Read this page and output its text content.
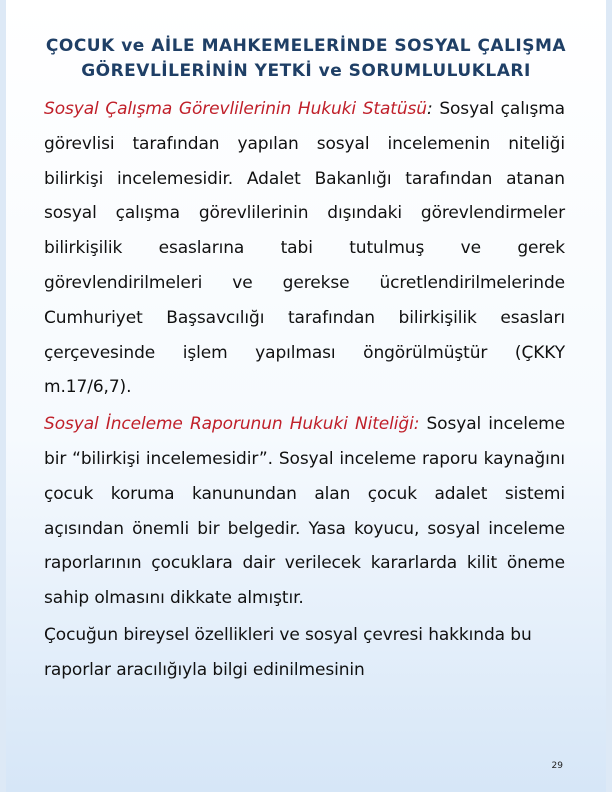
ÇOCUK ve AİLE MAHKEMELERİNDE SOSYAL ÇALIŞMA
GÖREVLİLERİNİN YETKİ ve SORUMLULUKLARI

Sosyal Çalışma Görevlilerinin Hukuki Statüsü: Sosyal çalışma görevlisi tarafından yapılan sosyal incelemenin niteliği bilirkişi incelemesidir. Adalet Bakanlığı tarafından atanan sosyal çalışma görevlilerinin dışındaki görevlendirmeler bilirkişilik esaslarına tabi tutulmuş ve gerek görevlendirilmeleri ve gerekse ücretlendirilmelerinde Cumhuriyet Başsavcılığı tarafından bilirkişilik esasları çerçevesinde işlem yapılması öngörülmüştür (ÇKKY m.17/6,7).

Sosyal İnceleme Raporunun Hukuki Niteliği: Sosyal inceleme bir “bilirkişi incelemesidir”. Sosyal inceleme raporu kaynağını çocuk koruma kanunundan alan çocuk adalet sistemi açısından önemli bir belgedir. Yasa koyucu, sosyal inceleme raporlarının çocuklara dair verilecek kararlarda kilit öneme sahip olmasını dikkate almıştır.

Çocuğun bireysel özellikleri ve sosyal çevresi hakkında bu raporlar aracılığıyla bilgi edinilmesinin

29
